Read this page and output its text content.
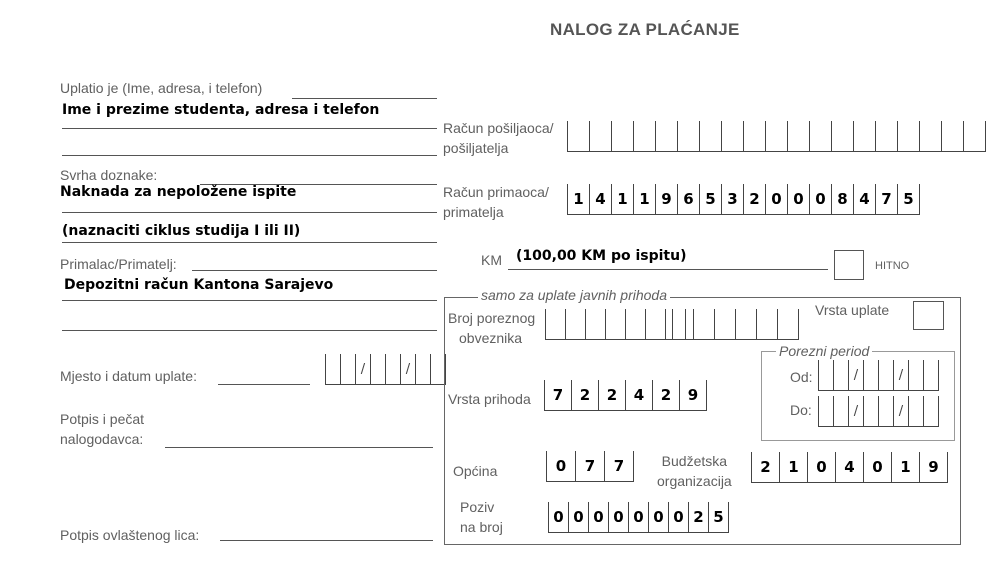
NALOG ZA PLAĆANJE
Uplatio je (Ime, adresa, i telefon)
Ime i prezime studenta, adresa i telefon
Svrha doznake:
Naknada za nepoložene ispite
(naznaciti ciklus studija I ili II)
Primalac/Primatelj:
Depozitni račun Kantona Sarajevo
Mjesto i datum uplate:	/	/
Potpis i pečat
nalogodavca:
Potpis ovlaštenog lica:
Račun pošiljaoca/
pošiljatelja
Račun primaoca/
primatelja
1 4 1 1 9 6 5 3 2 0 0 0 8 4 7 5
KM (100,00 KM po ispitu)
HITNO
samo za uplate javnih prihoda
Broj poreznog
obveznika
Vrsta uplate
Porezni period
Od:	/	/
Do:	/	/
Vrsta prihoda	7	2	2	4	2	9
Općina	0	7	7	Budžetska
organizacija
2	1	0	4	0	1	9
Poziv
na broj
0 0 0 0 0 0 0 2 5
